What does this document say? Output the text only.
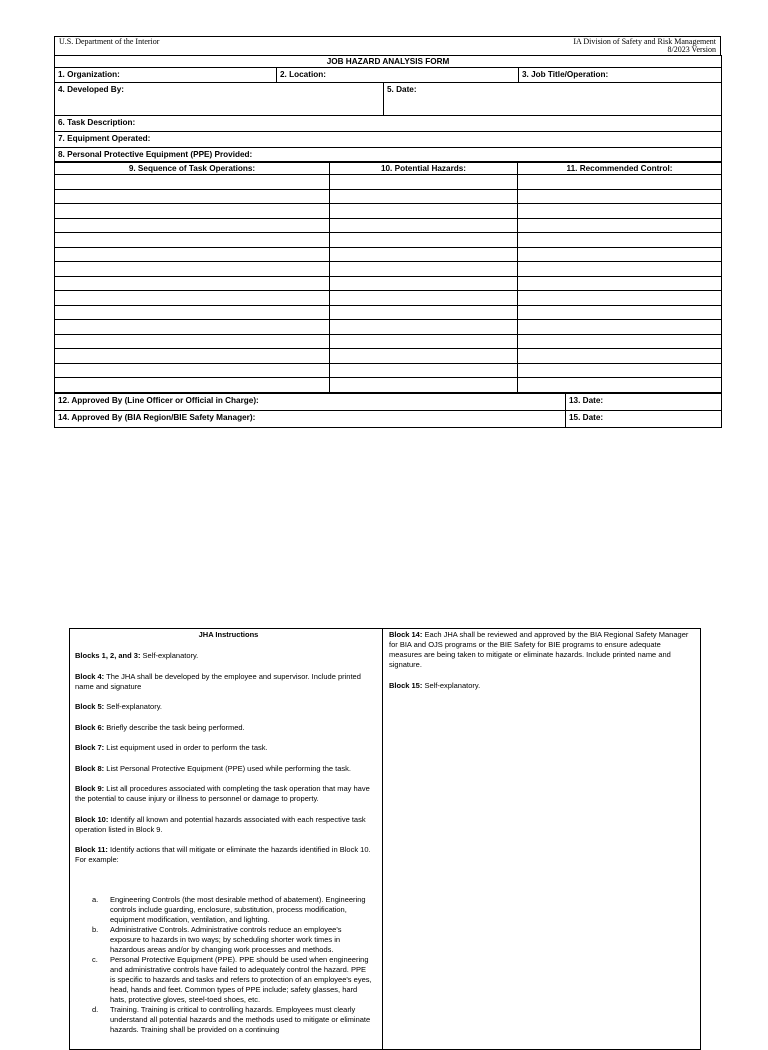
U.S. Department of the Interior	IA Division of Safety and Risk Management
8/2023 Version
JOB HAZARD ANALYSIS FORM			
1. Organization:	2. Location:		3. Job Title/Operation:
4. Developed By:		5. Date:	
6. Task Description:			
7. Equipment Operated:			
8. Personal Protective Equipment (PPE) Provided:			
9. Sequence of Task Operations:	10. Potential Hazards:	11. Recommended Control:

12. Approved By (Line Officer or Official in Charge):	13. Date:
14. Approved By (BIA Region/BIE Safety Manager):	15. Date:
JHA Instructions

Blocks 1, 2, and 3: Self-explanatory.

Block 4: The JHA shall be developed by the employee and supervisor. Include printed name and signature

Block 5: Self-explanatory.

Block 6: Briefly describe the task being performed.

Block 7: List equipment used in order to perform the task.

Block 8: List Personal Protective Equipment (PPE) used while performing the task.

Block 9: List all procedures associated with completing the task operation that may have the potential to cause injury or illness to personnel or damage to property.

Block 10: Identify all known and potential hazards associated with each respective task operation listed in Block 9.

Block 11: Identify actions that will mitigate or eliminate the hazards identified in Block 10. For example:

a. Engineering Controls (the most desirable method of abatement). Engineering controls include guarding, enclosure, substitution, process modification, equipment modification, ventilation, and lighting.
b. Administrative Controls. Administrative controls reduce an employee's exposure to hazards in two ways; by scheduling shorter work times in hazardous areas and/or by changing work processes and methods.
c. Personal Protective Equipment (PPE). PPE should be used when engineering and administrative controls have failed to adequately control the hazard. PPE is specific to hazards and tasks and refers to protection of an employee's eyes, head, hands and feet. Common types of PPE include; safety glasses, hard hats, protective gloves, steel-toed shoes, etc.
d. Training. Training is critical to controlling hazards. Employees must clearly understand all potential hazards and the methods used to mitigate or eliminate hazards. Training shall be provided on a continuing

Block 14: Each JHA shall be reviewed and approved by the BIA Regional Safety Manager for BIA and OJS programs or the BIE Safety for BIE programs to ensure adequate measures are being taken to mitigate or eliminate hazards. Include printed name and signature.

Block 15: Self-explanatory.
